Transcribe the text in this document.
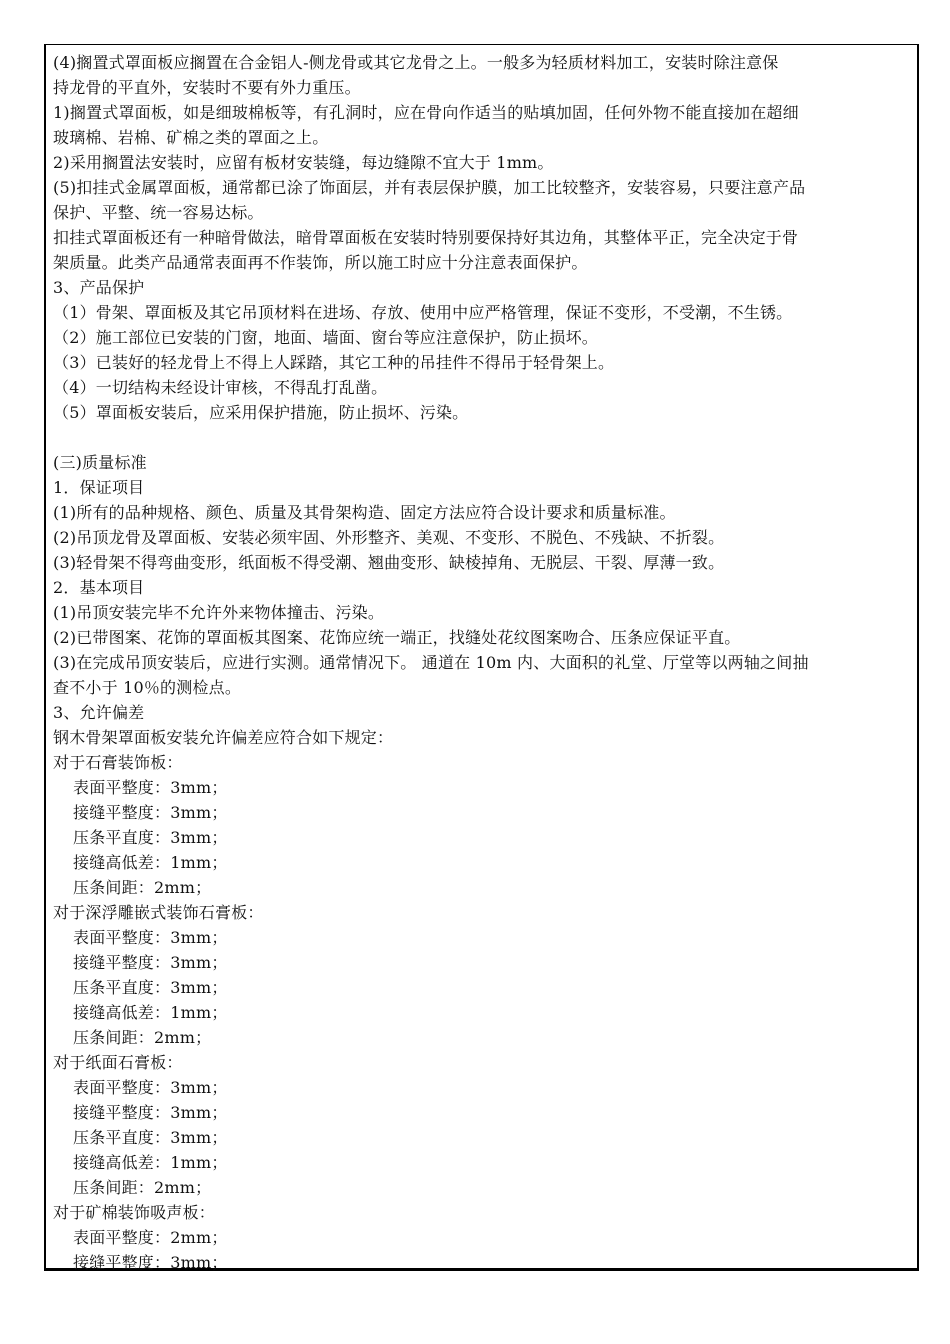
(4)搁置式罩面板应搁置在合金铝人-侧龙骨或其它龙骨之上。一般多为轻质材料加工，安装时除注意保
持龙骨的平直外，安装时不要有外力重压。
1)搁置式罩面板，如是细玻棉板等，有孔洞时，应在骨向作适当的贴填加固，任何外物不能直接加在超细
玻璃棉、岩棉、矿棉之类的罩面之上。
2)采用搁置法安装时，应留有板材安装缝，每边缝隙不宜大于 1mm。
(5)扣挂式金属罩面板，通常都已涂了饰面层，并有表层保护膜，加工比较整齐，安装容易，只要注意产品
保护、平整、统一容易达标。
扣挂式罩面板还有一种暗骨做法，暗骨罩面板在安装时特别要保持好其边角，其整体平正，完全决定于骨
架质量。此类产品通常表面再不作装饰，所以施工时应十分注意表面保护。
3、产品保护
（1）骨架、罩面板及其它吊顶材料在进场、存放、使用中应严格管理，保证不变形，不受潮，不生锈。
（2）施工部位已安装的门窗，地面、墙面、窗台等应注意保护，防止损坏。
（3）已装好的轻龙骨上不得上人踩踏，其它工种的吊挂件不得吊于轻骨架上。
（4）一切结构未经设计审核，不得乱打乱凿。
（5）罩面板安装后，应采用保护措施，防止损坏、污染。
(三)质量标准
1．保证项目
(1)所有的品种规格、颜色、质量及其骨架构造、固定方法应符合设计要求和质量标准。
(2)吊顶龙骨及罩面板、安装必须牢固、外形整齐、美观、不变形、不脱色、不残缺、不折裂。
(3)轻骨架不得弯曲变形，纸面板不得受潮、翘曲变形、缺棱掉角、无脱层、干裂、厚薄一致。
2．基本项目
(1)吊顶安装完毕不允许外来物体撞击、污染。
(2)已带图案、花饰的罩面板其图案、花饰应统一端正，找缝处花纹图案吻合、压条应保证平直。
(3)在完成吊顶安装后，应进行实测。通常情况下。 通道在 10m 内、大面积的礼堂、厅堂等以两轴之间抽
查不小于 10％的测检点。
3、允许偏差
钢木骨架罩面板安装允许偏差应符合如下规定：
对于石膏装饰板：
表面平整度：3mm；
接缝平整度：3mm；
压条平直度：3mm；
接缝高低差：1mm；
压条间距：2mm；
对于深浮雕嵌式装饰石膏板：
表面平整度：3mm；
接缝平整度：3mm；
压条平直度：3mm；
接缝高低差：1mm；
压条间距：2mm；
对于纸面石膏板：
表面平整度：3mm；
接缝平整度：3mm；
压条平直度：3mm；
接缝高低差：1mm；
压条间距：2mm；
对于矿棉装饰吸声板：
表面平整度：2mm；
接缝平整度：3mm；
